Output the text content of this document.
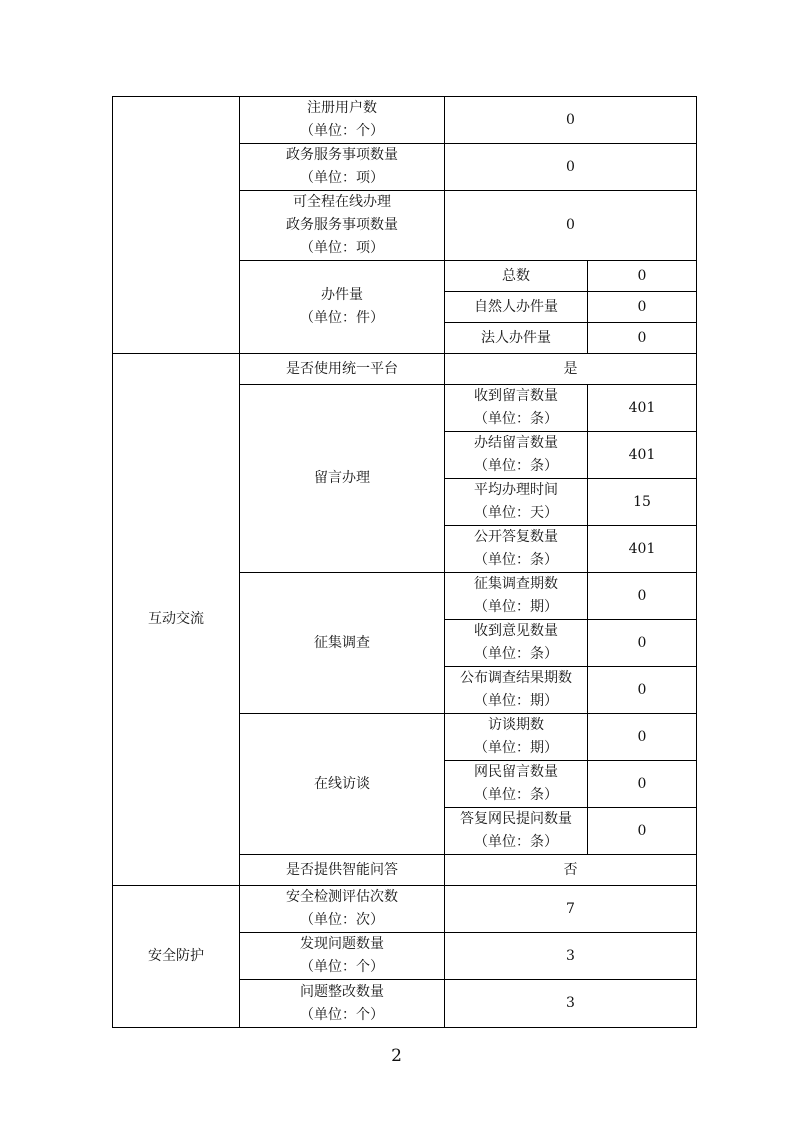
	注册用户数
（单位：个）	0	
	政务服务事项数量
（单位：项）	0	
	可全程在线办理
政务服务事项数量
（单位：项）	0	
	办件量
（单位：件）	总数	0
		自然人办件量	0
		法人办件量	0
互动交流	是否使用统一平台	是	
	留言办理	收到留言数量
（单位：条）	401
		办结留言数量
（单位：条）	401
		平均办理时间
（单位：天）	15
		公开答复数量
（单位：条）	401
	征集调查	征集调查期数
（单位：期）	0
		收到意见数量
（单位：条）	0
		公布调查结果期数
（单位：期）	0
	在线访谈	访谈期数
（单位：期）	0
		网民留言数量
（单位：条）	0
		答复网民提问数量
（单位：条）	0
	是否提供智能问答	否	
安全防护	安全检测评估次数
（单位：次）	7	
	发现问题数量
（单位：个）	3	
	问题整改数量
（单位：个）	3	
2
